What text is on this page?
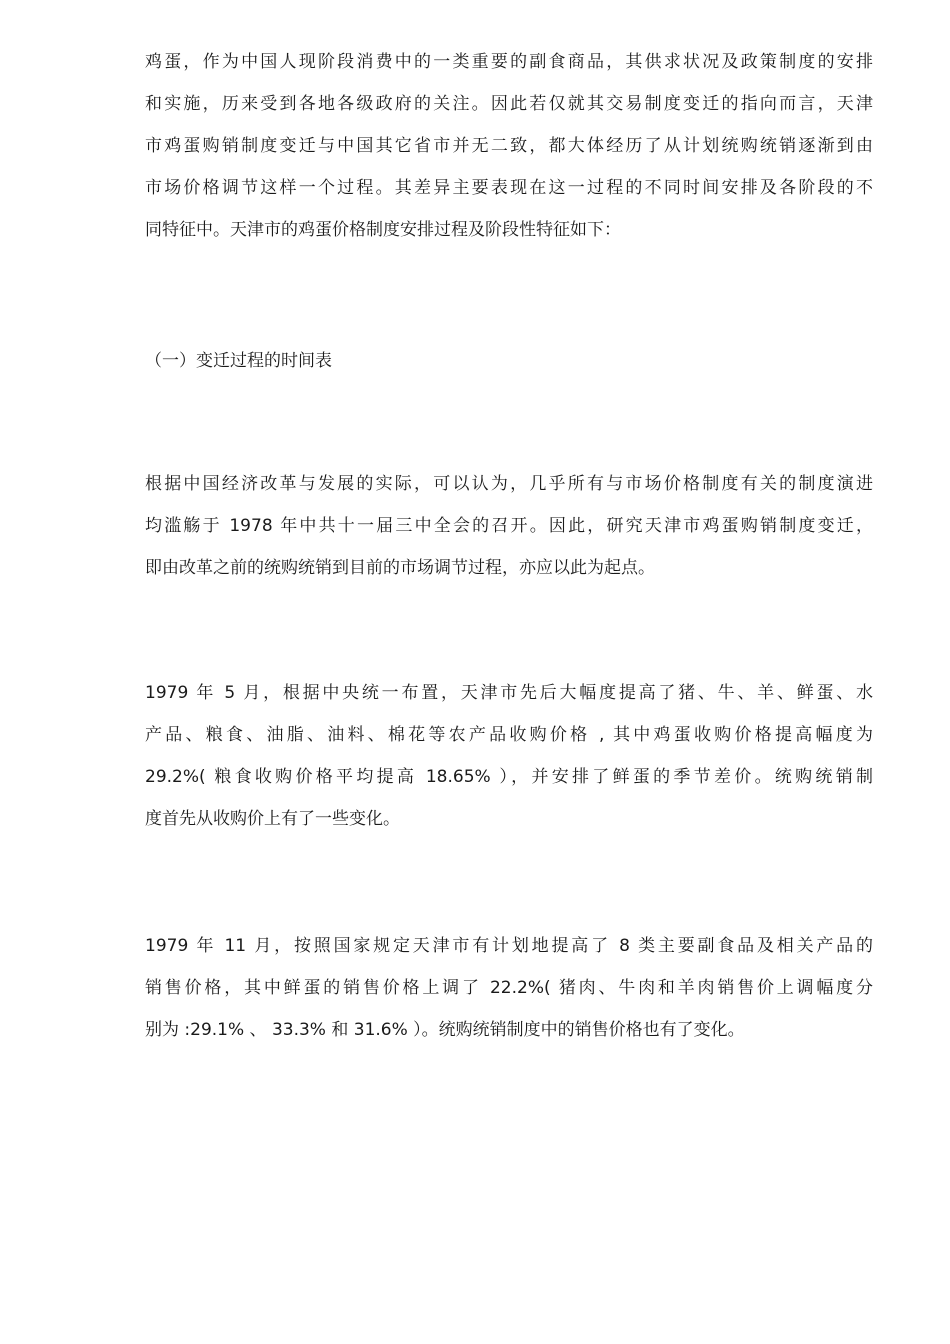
鸡蛋，作为中国人现阶段消费中的一类重要的副食商品，其供求状况及政策制度的安排
和实施，历来受到各地各级政府的关注。因此若仅就其交易制度变迁的指向而言，天津
市鸡蛋购销制度变迁与中国其它省市并无二致，都大体经历了从计划统购统销逐渐到由
市场价格调节这样一个过程。其差异主要表现在这一过程的不同时间安排及各阶段的不
同特征中。天津市的鸡蛋价格制度安排过程及阶段性特征如下：

（一）变迁过程的时间表

根据中国经济改革与发展的实际，可以认为，几乎所有与市场价格制度有关的制度演进
均滥觞于 1978 年中共十一届三中全会的召开。因此，研究天津市鸡蛋购销制度变迁，
即由改革之前的统购统销到目前的市场调节过程，亦应以此为起点。

1979 年 5 月，根据中央统一布置，天津市先后大幅度提高了猪、牛、羊、鲜蛋、水
产品、粮食、油脂、油料、棉花等农产品收购价格 , 其中鸡蛋收购价格提高幅度为
29.2%( 粮食收购价格平均提高 18.65% ），并安排了鲜蛋的季节差价。统购统销制
度首先从收购价上有了一些变化。

1979 年 11 月，按照国家规定天津市有计划地提高了 8 类主要副食品及相关产品的
销售价格，其中鲜蛋的销售价格上调了 22.2%( 猪肉、牛肉和羊肉销售价上调幅度分
别为 :29.1% 、 33.3% 和 31.6% ）。统购统销制度中的销售价格也有了变化。
